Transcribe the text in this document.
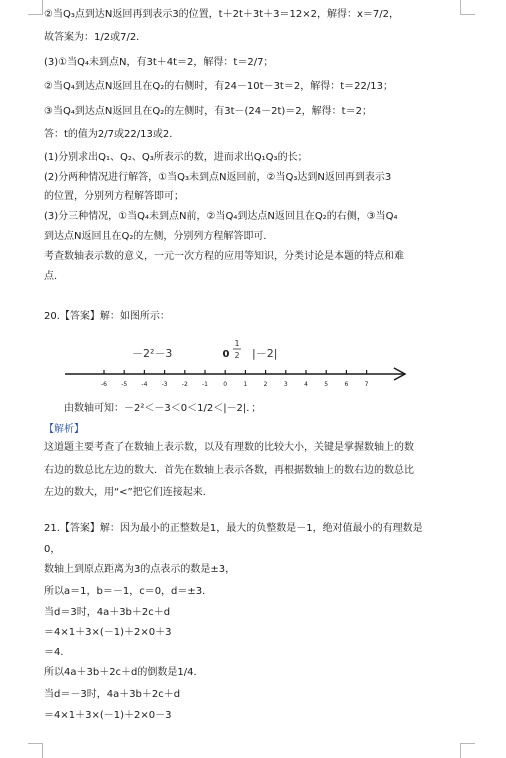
②当Q₃点到达N返回再到表示3的位置，t＋2t＋3t＋3＝12×2，解得：x＝7/2，
故答案为：1/2或7/2．
(3)①当Q₄未到点N，有3t＋4t＝2，解得：t＝2/7；
②当Q₄到达点N返回且在Q₂的右侧时，有24－10t－3t＝2，解得：t＝22/13；
③当Q₄到达点N返回且在Q₂的左侧时，有3t－(24－2t)＝2，解得：t＝2；
答：t的值为2/7或22/13或2．
(1)分别求出Q₁、Q₂、Q₃所表示的数，进而求出Q₁Q₃的长；
(2)分两种情况进行解答，①当Q₃未到点N返回前，②当Q₃达到N返回再到表示3
的位置，分别列方程解答即可；
(3)分三种情况，①当Q₄未到点N前，②当Q₄到达点N返回且在Q₂的右侧，③当Q₄
到达点N返回且在Q₂的左侧，分别列方程解答即可．
考查数轴表示数的意义，一元一次方程的应用等知识，分类讨论是本题的特点和难
点．
20.【答案】解：如图所示：
－2²－3	0
1
2 |－2|
-6 -5 -4 -3 -2 -1	0	1	2	3	4	5	6	7
由数轴可知：－2²＜－3＜0＜1/2＜|－2|．；
【解析】
这道题主要考查了在数轴上表示数，以及有理数的比较大小，关键是掌握数轴上的数
右边的数总比左边的数大．首先在数轴上表示各数，再根据数轴上的数右边的数总比
左边的数大，用“<”把它们连接起来．
21.【答案】解：因为最小的正整数是1，最大的负整数是－1，绝对值最小的有理数是
0，
数轴上到原点距离为3的点表示的数是±3，
所以a＝1，b＝－1，c＝0，d＝±3．
当d＝3时，4a＋3b＋2c＋d
＝4×1＋3×(－1)＋2×0＋3
＝4．
所以4a＋3b＋2c＋d的倒数是1/4．
当d＝－3时，4a＋3b＋2c＋d
＝4×1＋3×(－1)＋2×0－3
